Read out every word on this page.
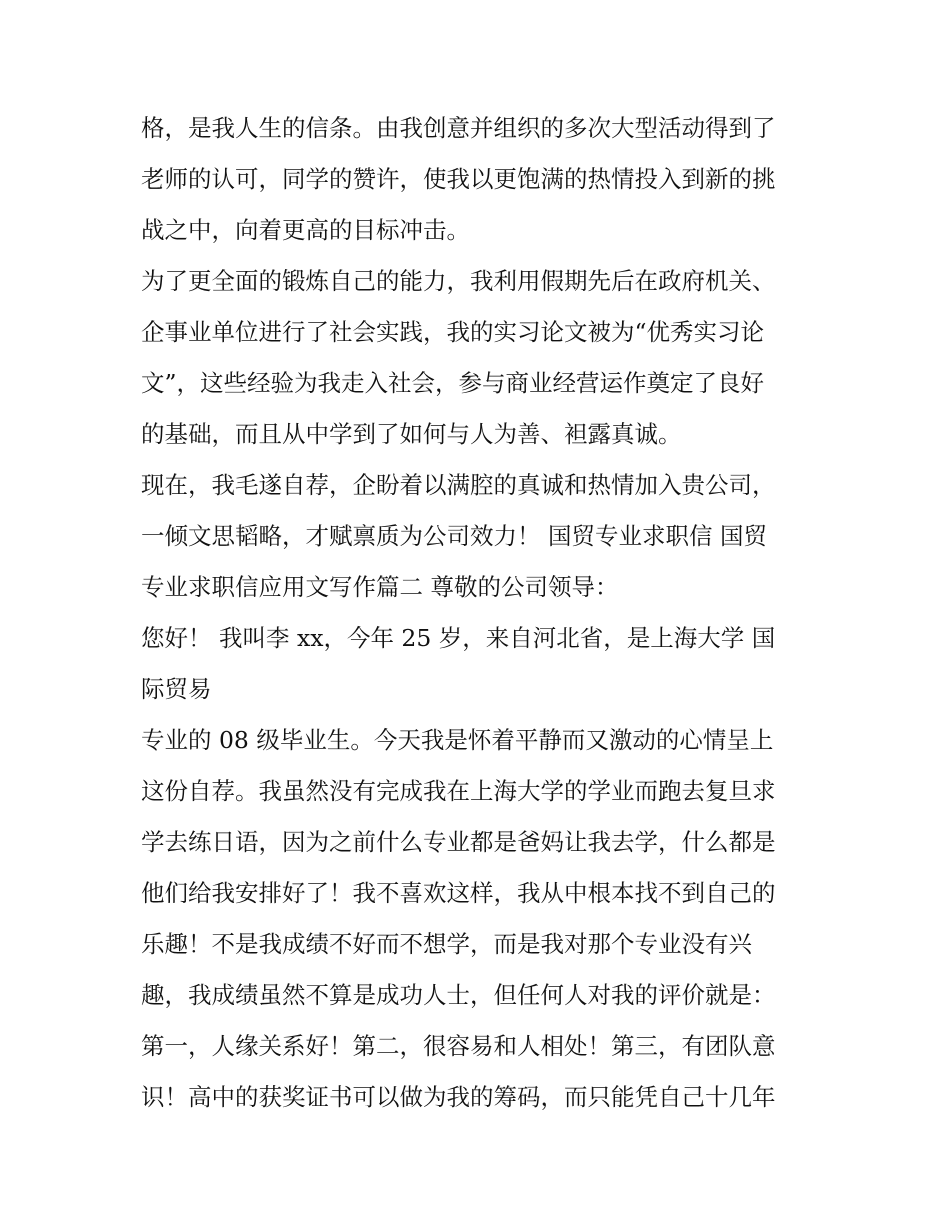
格，是我人生的信条。由我创意并组织的多次大型活动得到了
老师的认可，同学的赞许，使我以更饱满的热情投入到新的挑
战之中，向着更高的目标冲击。
为了更全面的锻炼自己的能力，我利用假期先后在政府机关、
企事业单位进行了社会实践，我的实习论文被为“优秀实习论
文”，这些经验为我走入社会，参与商业经营运作奠定了良好
的基础，而且从中学到了如何与人为善、袒露真诚。
现在，我毛遂自荐，企盼着以满腔的真诚和热情加入贵公司，
一倾文思韬略，才赋禀质为公司效力！ 国贸专业求职信 国贸
专业求职信应用文写作篇二 尊敬的公司领导：
您好！ 我叫李 xx，今年 25 岁，来自河北省，是上海大学 国
际贸易
专业的 08 级毕业生。今天我是怀着平静而又激动的心情呈上
这份自荐。我虽然没有完成我在上海大学的学业而跑去复旦求
学去练日语，因为之前什么专业都是爸妈让我去学，什么都是
他们给我安排好了！我不喜欢这样，我从中根本找不到自己的
乐趣！不是我成绩不好而不想学，而是我对那个专业没有兴
趣，我成绩虽然不算是成功人士，但任何人对我的评价就是：
第一，人缘关系好！第二，很容易和人相处！第三，有团队意
识！高中的获奖证书可以做为我的筹码，而只能凭自己十几年
